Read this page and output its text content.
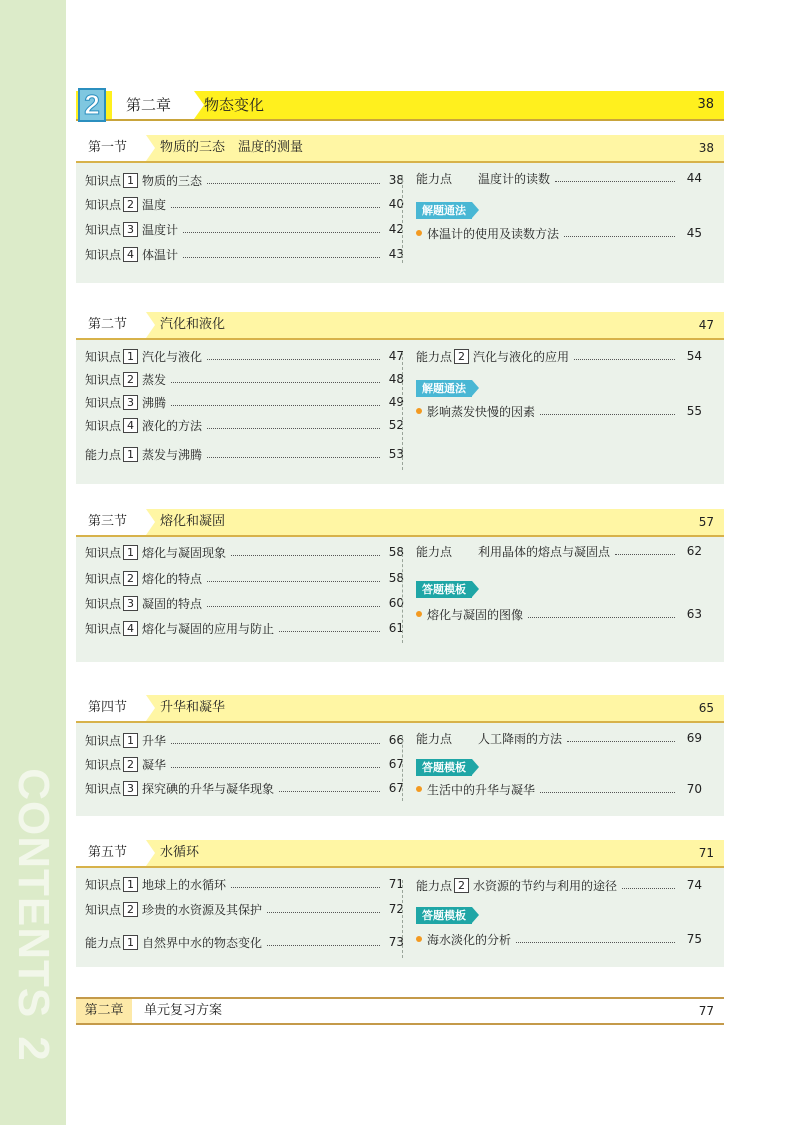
CONTENTS2
2	第二章	物态变化	38
第一节	物质的三态　温度的测量	38
知识点 1 物质的三态	38
知识点 2 温度	40
知识点 3 温度计	42
知识点 4 体温计	43
能力点 温度计的读数	44
解题通法
体温计的使用及读数方法	45
第二节	汽化和液化	47
知识点 1 汽化与液化	47
知识点 2 蒸发	48
知识点 3 沸腾	49
知识点 4 液化的方法	52
能力点 1 蒸发与沸腾	53
能力点 2 汽化与液化的应用	54
解题通法
影响蒸发快慢的因素	55
第三节	熔化和凝固	57
知识点 1 熔化与凝固现象	58
知识点 2 熔化的特点	58
知识点 3 凝固的特点	60
知识点 4 熔化与凝固的应用与防止	61
能力点 利用晶体的熔点与凝固点	62
答题模板
熔化与凝固的图像	63
第四节	升华和凝华	65
知识点 1 升华	66
知识点 2 凝华	67
知识点 3 探究碘的升华与凝华现象	67
能力点 人工降雨的方法	69
答题模板
生活中的升华与凝华	70
第五节	水循环	71
知识点 1 地球上的水循环	71
知识点 2 珍贵的水资源及其保护	72
能力点 1 自然界中水的物态变化	73
能力点 2 水资源的节约与利用的途径	74
答题模板
海水淡化的分析	75
第二章	单元复习方案	77
